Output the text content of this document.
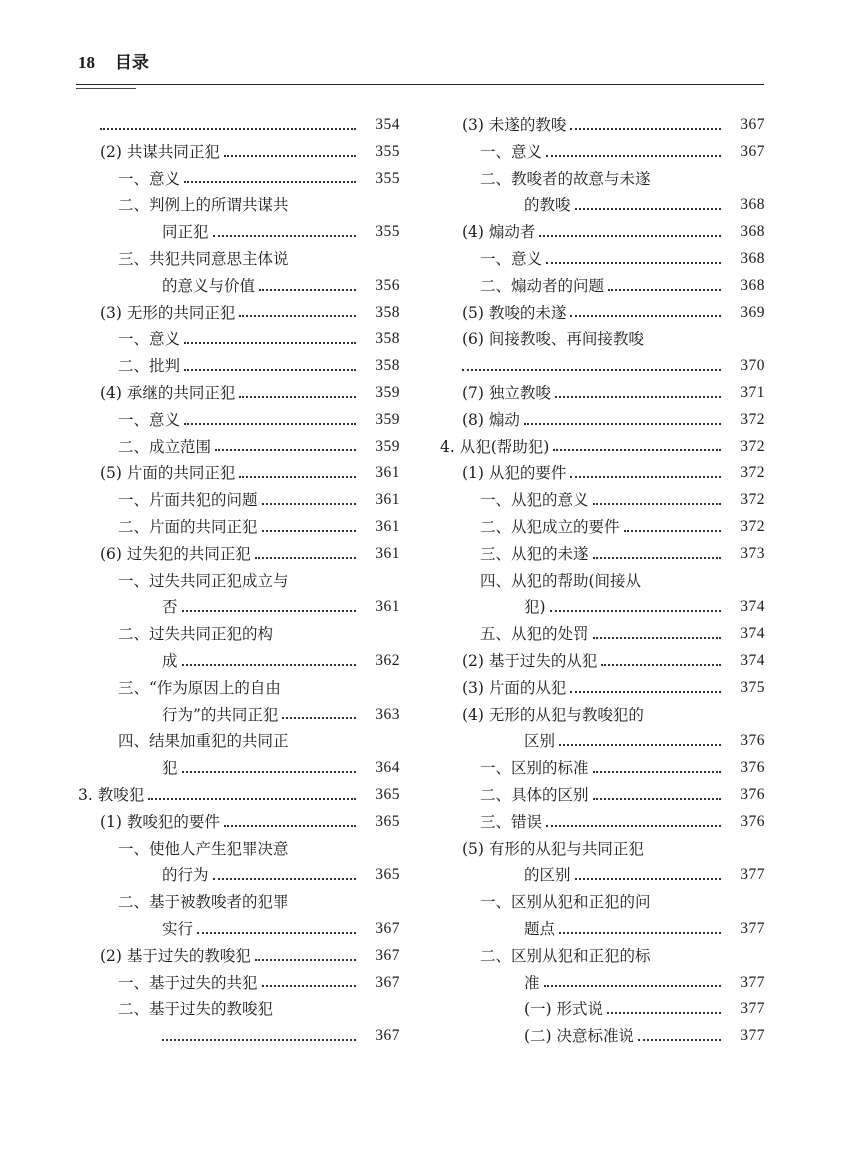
18 目录
354
(2) 共谋共同正犯	355
一、意义	355
二、判例上的所谓共谋共
同正犯	355
三、共犯共同意思主体说
的意义与价值	356
(3) 无形的共同正犯	358
一、意义	358
二、批判	358
(4) 承继的共同正犯	359
一、意义	359
二、成立范围	359
(5) 片面的共同正犯	361
一、片面共犯的问题	361
二、片面的共同正犯	361
(6) 过失犯的共同正犯	361
一、过失共同正犯成立与
否	361
二、过失共同正犯的构
成	362
三、“作为原因上的自由
行为”的共同正犯	363
四、结果加重犯的共同正
犯	364
3. 教唆犯	365
(1) 教唆犯的要件	365
一、使他人产生犯罪决意
的行为	365
二、基于被教唆者的犯罪
实行	367
(2) 基于过失的教唆犯	367
一、基于过失的共犯	367
二、基于过失的教唆犯
367
(3) 未遂的教唆	367
一、意义	367
二、教唆者的故意与未遂
的教唆	368
(4) 煽动者	368
一、意义	368
二、煽动者的问题	368
(5) 教唆的未遂	369
(6) 间接教唆、再间接教唆
370
(7) 独立教唆	371
(8) 煽动	372
4. 从犯(帮助犯)	372
(1) 从犯的要件	372
一、从犯的意义	372
二、从犯成立的要件	372
三、从犯的未遂	373
四、从犯的帮助(间接从
犯)	374
五、从犯的处罚	374
(2) 基于过失的从犯	374
(3) 片面的从犯	375
(4) 无形的从犯与教唆犯的
区别	376
一、区别的标准	376
二、具体的区别	376
三、错误	376
(5) 有形的从犯与共同正犯
的区别	377
一、区别从犯和正犯的问
题点	377
二、区别从犯和正犯的标
准	377
(一) 形式说	377
(二) 决意标准说	377
